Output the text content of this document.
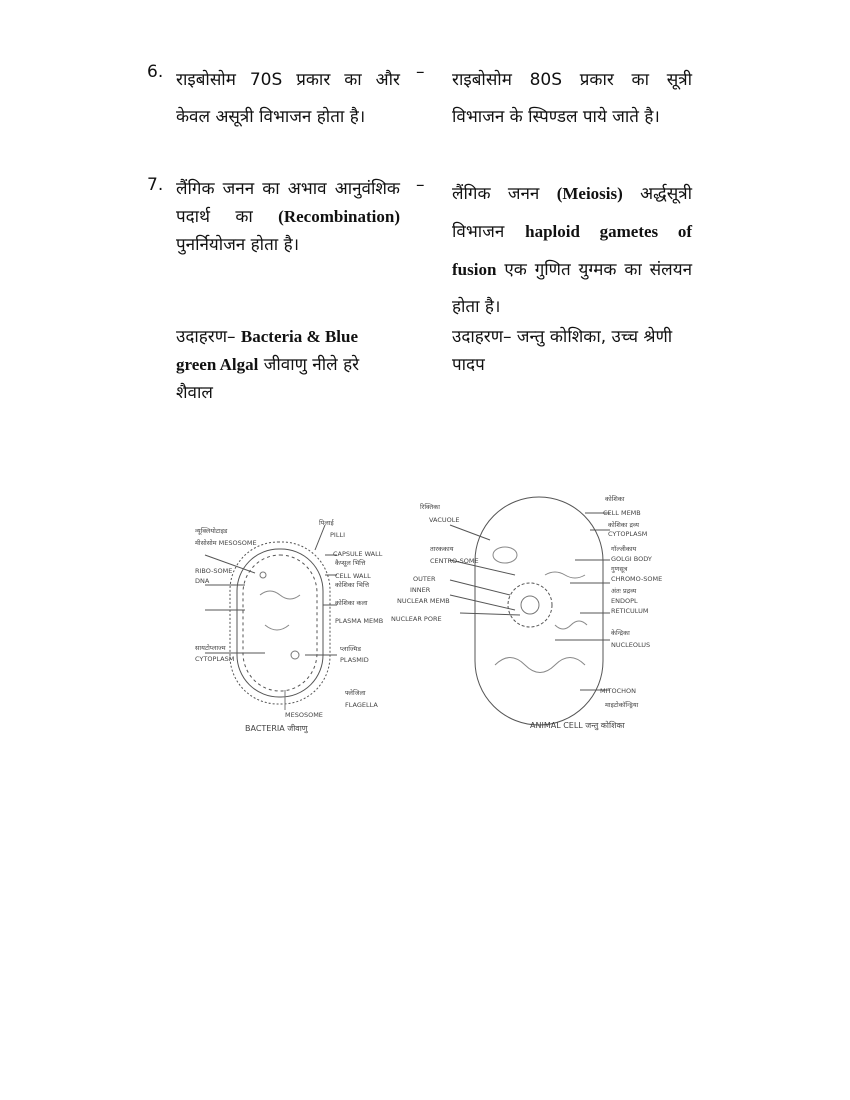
6. राइबोसोम 70S प्रकार का और केवल असूत्री विभाजन होता है।
– राइबोसोम 80S प्रकार का सूत्री विभाजन के स्पिण्डल पाये जाते है।
7. लैंगिक जनन का अभाव आनुवंशिक पदार्थ का (Recombination) पुनर्नियोजन होता है।
– लैंगिक जनन (Meiosis) अर्द्धसूत्री विभाजन haploid gametes of fusion एक गुणित युग्मक का संलयन होता है।
उदाहरण– Bacteria & Blue green Algal जीवाणु नीले हरे शैवाल
उदाहरण– जन्तु कोशिका, उच्च श्रेणी पादप
न्यूक्लियोटाइड
मीसोसोम MESOSOME
RIBO-SOME
DNA
सायटोप्लाज्म
CYTOPLASM
पिलाई
PILLI
CAPSULE WALL
कैप्सूल भित्ति
CELL WALL
कोशिका भित्ति
कोशिका कला
PLASMA MEMB
प्लाज्मिड
PLASMID
फ्लेजिला
FLAGELLA
MESOSOME
BACTERIA जीवाणु
रिक्तिका
VACUOLE
तारककाय
CENTRO-SOME
OUTER
INNER
NUCLEAR MEMB
NUCLEAR PORE
कोशिका
CELL MEMB
कोशिका द्रव्य
CYTOPLASM
गॉल्जीकाय
GOLGI BODY
गुणसूत्र
CHROMO-SOME
अंतः प्रद्रव्य
ENDOPL
RETICULUM
केन्द्रिका
NUCLEOLUS
MITOCHON
माइटोकॉन्ड्रिया
ANIMAL CELL जन्तु कोशिका
